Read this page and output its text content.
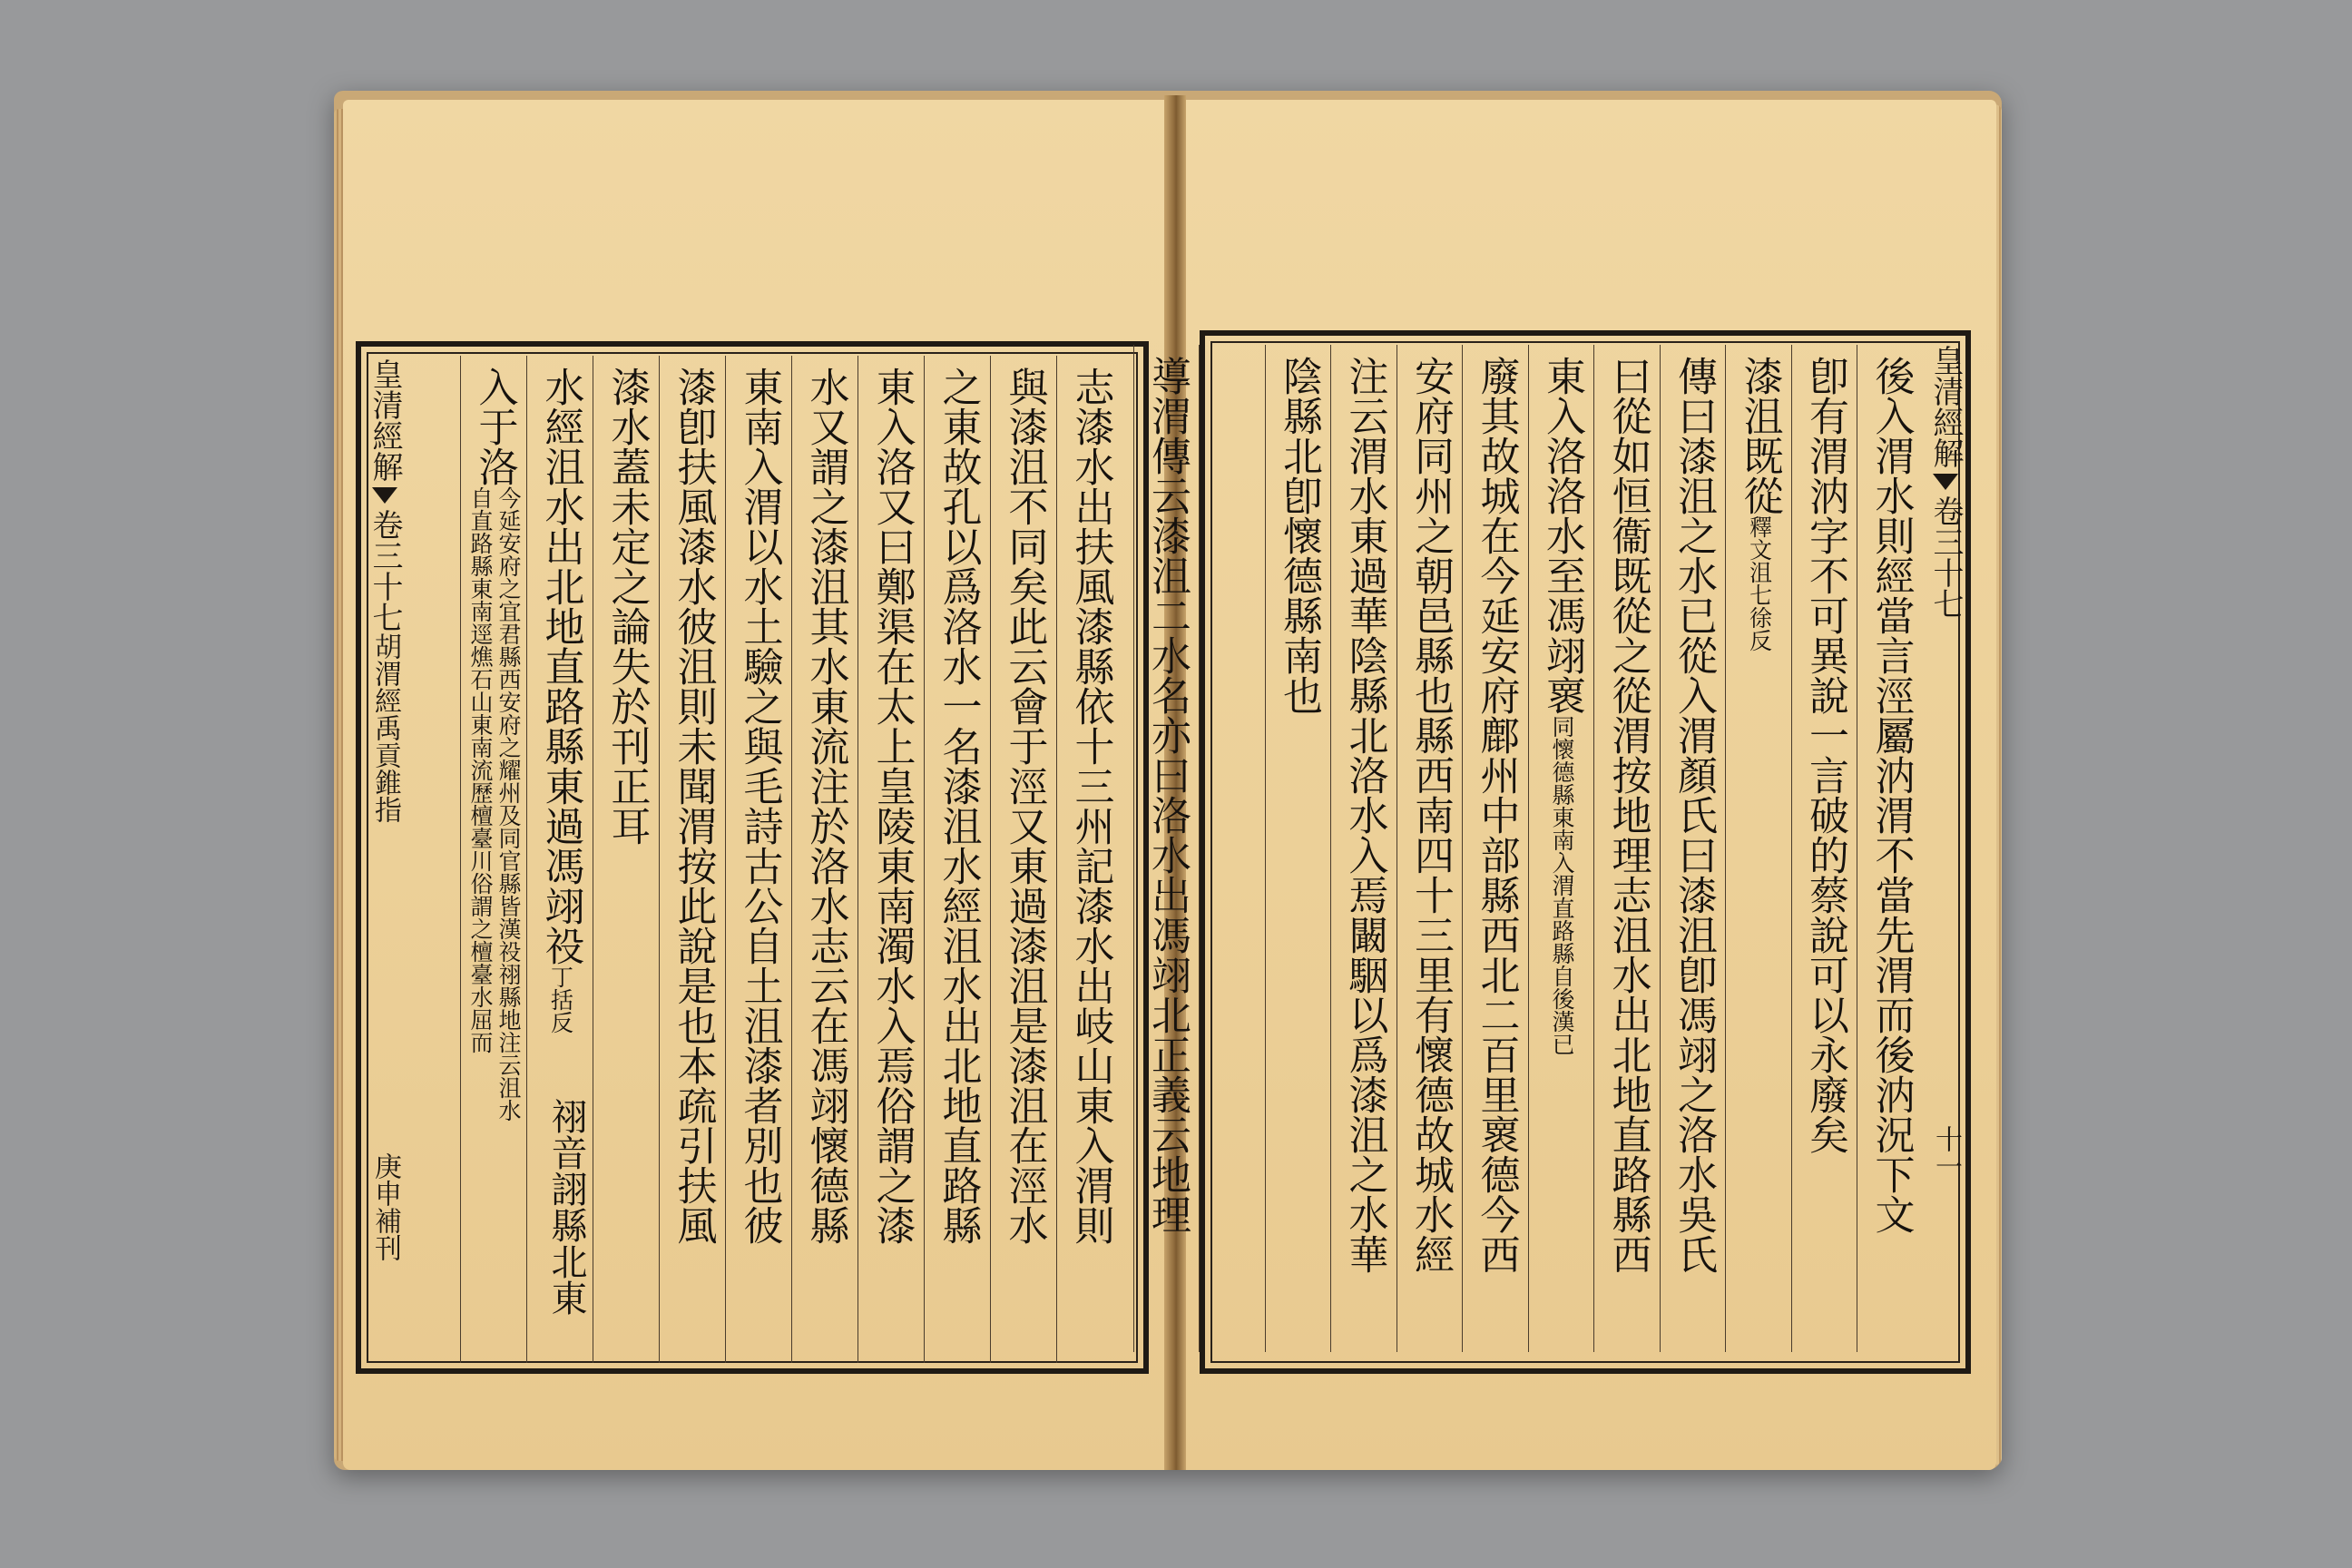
皇清經解
卷三十七
胡渭經禹貢錐指
庚申補刊
皇清經解
卷三十七
十一
志漆水出扶風漆縣依十三州記漆水出岐山東入渭則
與漆沮不同矣此云會于涇又東過漆沮是漆沮在涇水
之東故孔以爲洛水一名漆沮水經沮水出北地直路縣
東入洛又曰鄭渠在太上皇陵東南濁水入焉俗謂之漆
水又謂之漆沮其水東流注於洛水志云在馮翊懷德縣
東南入渭以水土驗之與毛詩古公自土沮漆者別也彼
漆卽扶風漆水彼沮則未聞渭按此說是也本疏引扶風
漆水蓋未定之論失於刊正耳
水經沮水出北地直路縣東過馮翊祋
丁括反
入于洛
今延安府之宜君縣西安府之耀州及同官縣皆漢祋祤縣地注云沮水自直路縣東南逕燋石山東南流歷檀臺川俗謂之檀臺水屈而	後入渭水則經當言涇屬汭渭不當先渭而後汭況下文
卽有渭汭字不可異說一言破的蔡說可以永廢矣
漆沮既從
釋文沮七徐反
傳曰漆沮之水已從入渭顏氏曰漆沮卽馮翊之洛水吳氏
曰從如恒衞既從之從渭按地理志沮水出北地直路縣西
東入洛洛水至馮翊褱
同懷德縣東南入渭直路縣自後漢已
廢其故城在今延安府鄜州中部縣西北二百里褱德今西
安府同州之朝邑縣也縣西南四十三里有懷德故城水經
注云渭水東過華陰縣北洛水入焉闞駰以爲漆沮之水華
陰縣北卽懷德縣南也
導渭傳云漆沮二水名亦曰洛水出馮翊北正義云地理
祤音詡縣北東
